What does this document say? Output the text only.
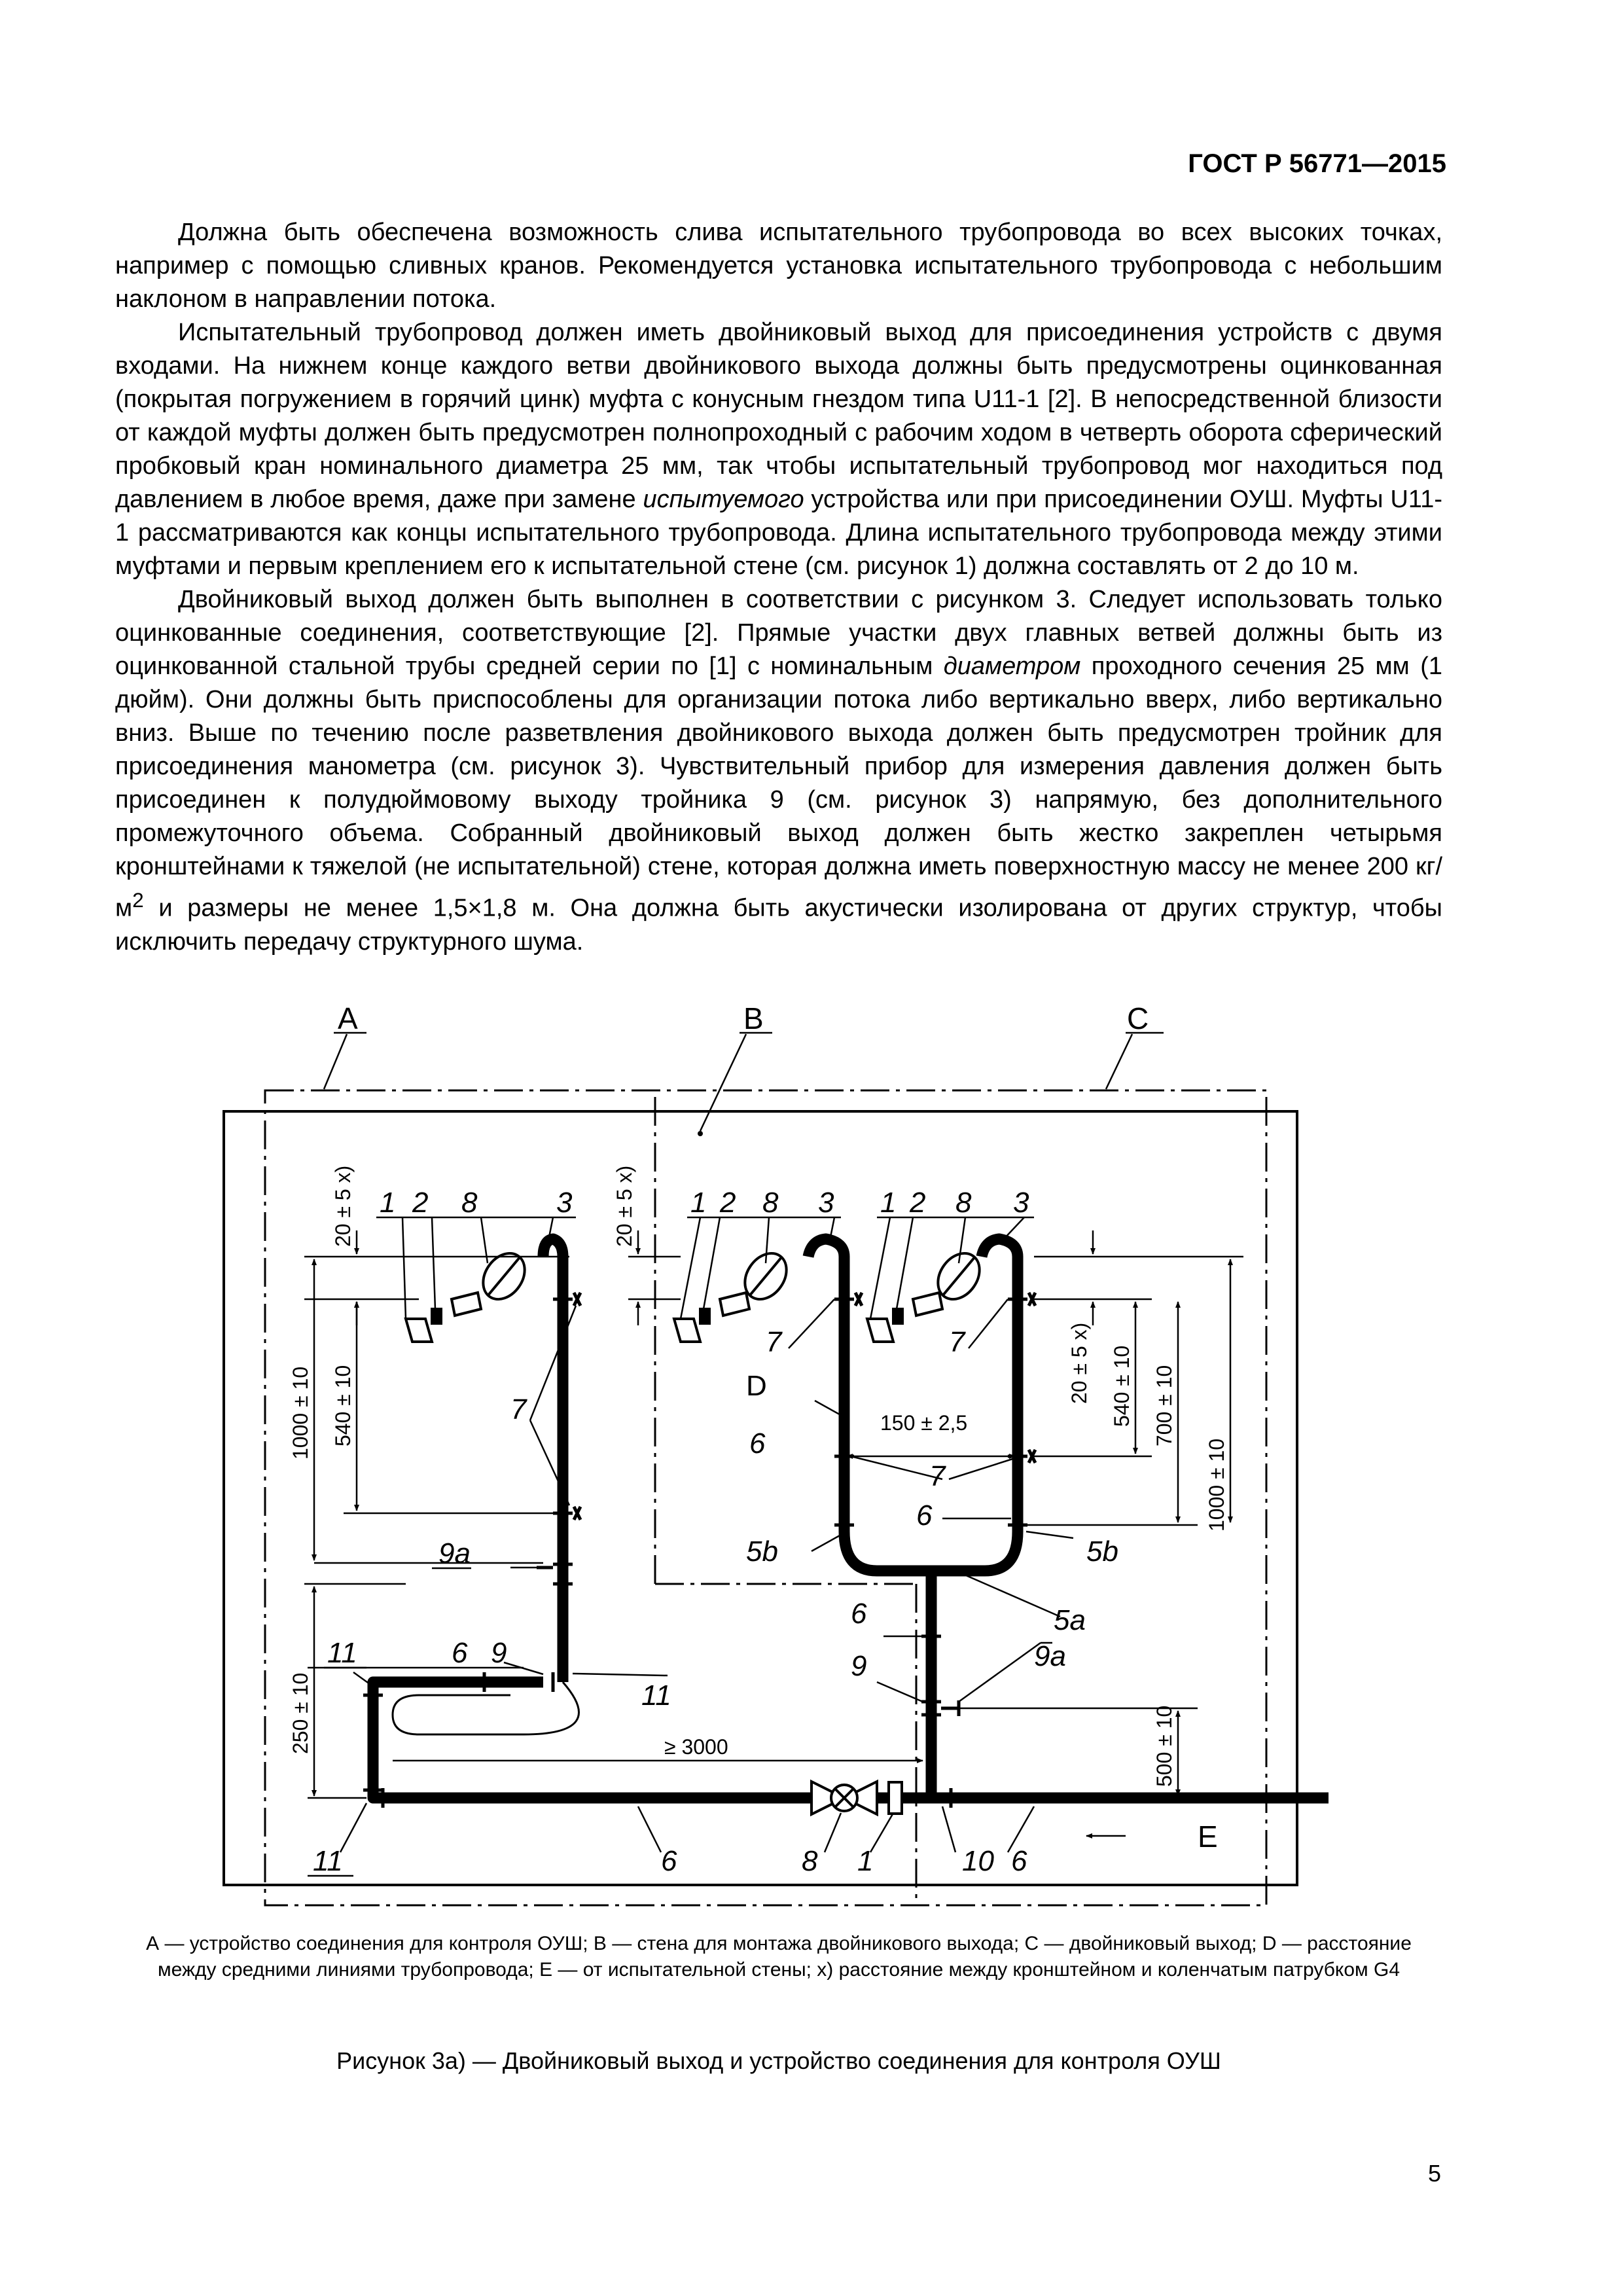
ГОСТ Р 56771—2015

Должна быть обеспечена возможность слива испытательного трубопровода во всех высоких точках, например с помощью сливных кранов. Рекомендуется установка испытательного трубопровода с небольшим наклоном в направлении потока.

Испытательный трубопровод должен иметь двойниковый выход для присоединения устройств с двумя входами. На нижнем конце каждого ветви двойникового выхода должны быть предусмотрены оцинкованная (покрытая погружением в горячий цинк) муфта с конусным гнездом типа U11-1 [2]. В непосредственной близости от каждой муфты должен быть предусмотрен полнопроходный с рабочим ходом в четверть оборота сферический пробковый кран номинального диаметра 25 мм, так чтобы испытательный трубопровод мог находиться под давлением в любое время, даже при замене испытуемого устройства или при присоединении ОУШ. Муфты U11-1 рассматриваются как концы испытательного трубопровода. Длина испытательного трубопровода между этими муфтами и первым креплением его к испытательной стене (см. рисунок 1) должна составлять от 2 до 10 м.

Двойниковый выход должен быть выполнен в соответствии с рисунком 3. Следует использовать только оцинкованные соединения, соответствующие [2]. Прямые участки двух главных ветвей должны быть из оцинкованной стальной трубы средней серии по [1] с номинальным диаметром проходного сечения 25 мм (1 дюйм). Они должны быть приспособлены для организации потока либо вертикально вверх, либо вертикально вниз. Выше по течению после разветвления двойникового выхода должен быть предусмотрен тройник для присоединения манометра (см. рисунок 3). Чувствительный прибор для измерения давления должен быть присоединен к полудюймовому выходу тройника 9 (см. рисунок 3) напрямую, без дополнительного промежуточного объема. Собранный двойниковый выход должен быть жестко закреплен четырьмя кронштейнами к тяжелой (не испытательной) стене, которая должна иметь поверхностную массу не менее 200 $кг/м^2$ и размеры не менее 1,5×1,8 м. Она должна быть акустически изолирована от других структур, чтобы исключить передачу структурного шума.

A	B	C
1 2 8	3	1 2 8 3 1 2 8 3
7
7	7
6
7
6
9a	5b	5b
6	5a
9	9a
11	6 9
11
11	6	8 1	10 6
20 ± 5 x)	20 ± 5 x)
1000 ± 10 540 ± 10
250 ± 10
20 ± 5 x) 540 ± 10 700 ± 10
1000 ± 10
500 ± 10
150 ± 2,5
≥ 3000
D
E
А — устройство соединения для контроля ОУШ; В — стена для монтажа двойникового выхода; С — двойниковый выход; D — расстояние между средними линиями трубопровода; Е — от испытательной стены; х) расстояние между кронштейном и коленчатым патрубком G4
Рисунок 3а) — Двойниковый выход и устройство соединения для контроля ОУШ
5
